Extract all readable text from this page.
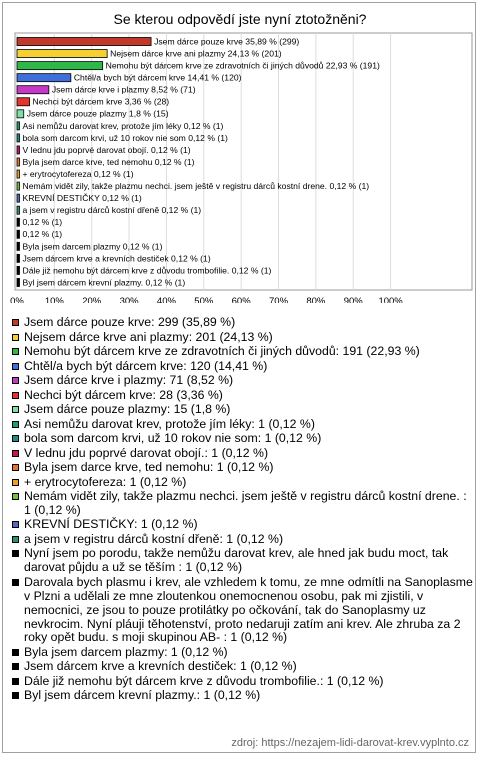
Se kterou odpovědí jste nyní ztotožněni?
0% 10% 20% 30% 40% 50% 60% 70% 80% 90% 100%
Jsem dárce pouze krve 35,89 % (299)
Nejsem dárce krve ani plazmy 24,13 % (201)
Nemohu být dárcem krve ze zdravotních či jiných důvodů 22,93 % (191)
Chtěl/a bych být dárcem krve 14,41 % (120)
Jsem dárce krve i plazmy 8,52 % (71)
Nechci být dárcem krve 3,36 % (28)
Jsem dárce pouze plazmy 1,8 % (15)
Asi nemůžu darovat krev, protože jím léky 0,12 % (1)
bola som darcom krvi, už 10 rokov nie som 0,12 % (1)
V lednu jdu poprvé darovat obojí. 0,12 % (1)
Byla jsem darce krve, ted nemohu 0,12 % (1)
+ erytrocytofereza 0,12 % (1)
Nemám vidět zily, takže plazmu nechci. jsem ještě v registru dárců kostní drene. 0,12 % (1)
KREVNÍ DESTIČKY 0,12 % (1)
a jsem v registru dárců kostní dřeně 0,12 % (1)
0,12 % (1)
0,12 % (1)
Byla jsem darcem plazmy 0,12 % (1)
Jsem dárcem krve a krevních destiček 0,12 % (1)
Dále již nemohu být dárcem krve z důvodu trombofilie. 0,12 % (1)
Byl jsem dárcem krevní plazmy. 0,12 % (1)
Jsem dárce pouze krve: 299 (35,89 %)
Nejsem dárce krve ani plazmy: 201 (24,13 %)
Nemohu být dárcem krve ze zdravotních či jiných důvodů: 191 (22,93 %)
Chtěl/a bych být dárcem krve: 120 (14,41 %)
Jsem dárce krve i plazmy: 71 (8,52 %)
Nechci být dárcem krve: 28 (3,36 %)
Jsem dárce pouze plazmy: 15 (1,8 %)
Asi nemůžu darovat krev, protože jím léky: 1 (0,12 %)
bola som darcom krvi, už 10 rokov nie som: 1 (0,12 %)
V lednu jdu poprvé darovat obojí.: 1 (0,12 %)
Byla jsem darce krve, ted nemohu: 1 (0,12 %)
+ erytrocytofereza: 1 (0,12 %)
Nemám vidět zily, takže plazmu nechci. jsem ještě v registru dárců kostní drene. : 1 (0,12 %)
KREVNÍ DESTIČKY: 1 (0,12 %)
a jsem v registru dárců kostní dřeně: 1 (0,12 %)
Nyní jsem po porodu, takže nemůžu darovat krev, ale hned jak budu moct, tak darovat půjdu a už se těším : 1 (0,12 %)
Darovala bych plasmu i krev, ale vzhledem k tomu, ze mne odmítli na Sanoplasme v Plzni a udělali ze mne zloutenkou onemocnenou osobu, pak mi zjistili, v nemocnici, ze jsou to pouze protilátky po očkování, tak do Sanoplasmy uz nevkrocim. Nyní pláuji těhotenství, proto nedaruji zatím ani krev. Ale zhruba za 2 roky opět budu. s moji skupinou AB- : 1 (0,12 %)
Byla jsem darcem plazmy: 1 (0,12 %)
Jsem dárcem krve a krevních destiček: 1 (0,12 %)
Dále již nemohu být dárcem krve z důvodu trombofilie.: 1 (0,12 %)
Byl jsem dárcem krevní plazmy.: 1 (0,12 %)
zdroj: https://nezajem-lidi-darovat-krev.vyplnto.cz
